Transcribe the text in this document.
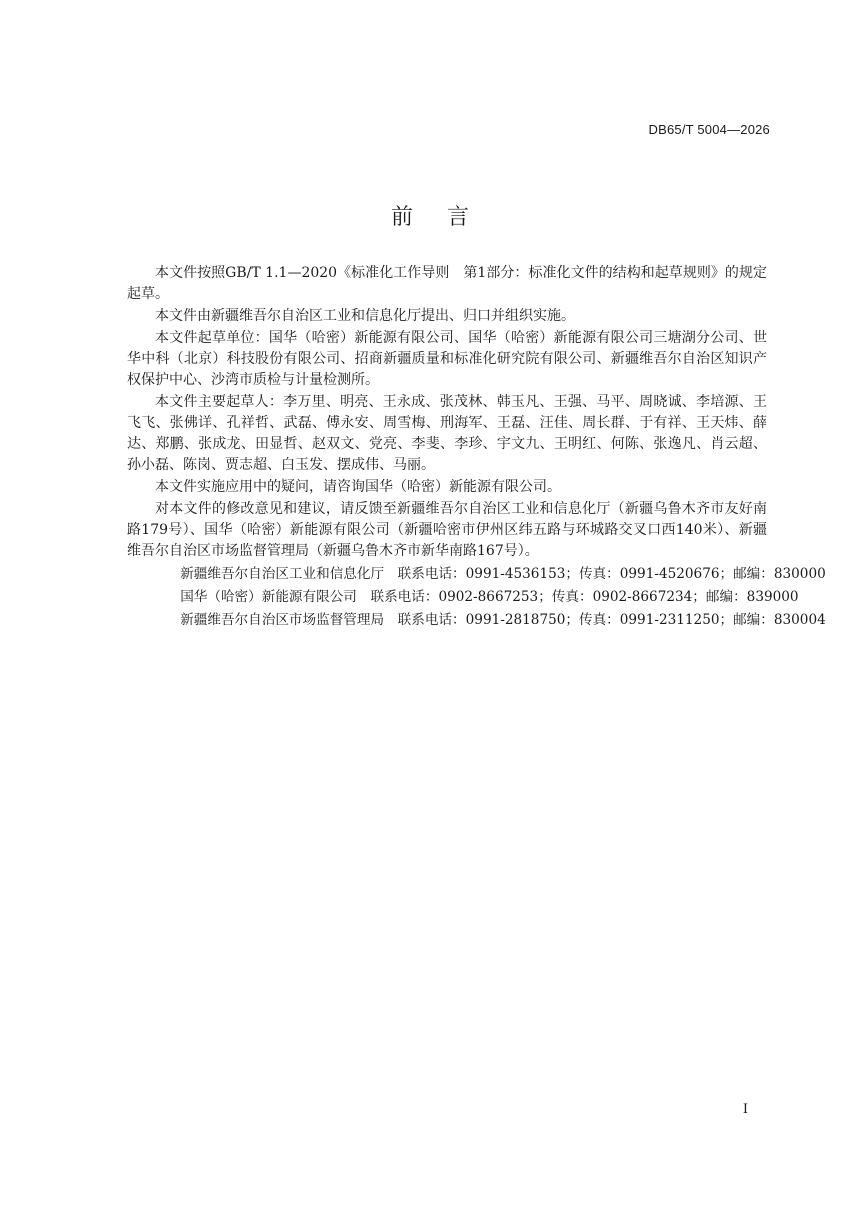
DB65/T 5004—2026
前言

本文件按照GB/T 1.1—2020《标准化工作导则　第1部分：标准化文件的结构和起草规则》的规定起草。

本文件由新疆维吾尔自治区工业和信息化厅提出、归口并组织实施。

本文件起草单位：国华（哈密）新能源有限公司、国华（哈密）新能源有限公司三塘湖分公司、世华中科（北京）科技股份有限公司、招商新疆质量和标准化研究院有限公司、新疆维吾尔自治区知识产权保护中心、沙湾市质检与计量检测所。

本文件主要起草人：李万里、明亮、王永成、张茂林、韩玉凡、王强、马平、周晓诚、李培源、王飞飞、张佛详、孔祥哲、武磊、傅永安、周雪梅、刑海军、王磊、汪佳、周长群、于有祥、王天炜、薛达、郑鹏、张成龙、田显哲、赵双文、党亮、李斐、李珍、宇文九、王明红、何陈、张逸凡、肖云超、孙小磊、陈岗、贾志超、白玉发、摆成伟、马丽。

本文件实施应用中的疑问，请咨询国华（哈密）新能源有限公司。

对本文件的修改意见和建议，请反馈至新疆维吾尔自治区工业和信息化厅（新疆乌鲁木齐市友好南路179号）、国华（哈密）新能源有限公司（新疆哈密市伊州区纬五路与环城路交叉口西140米）、新疆维吾尔自治区市场监督管理局（新疆乌鲁木齐市新华南路167号）。

新疆维吾尔自治区工业和信息化厅　联系电话：0991-4536153；传真：0991-4520676；邮编：830000

国华（哈密）新能源有限公司　联系电话：0902-8667253；传真：0902-8667234；邮编：839000

新疆维吾尔自治区市场监督管理局　联系电话：0991-2818750；传真：0991-2311250；邮编：830004

I
